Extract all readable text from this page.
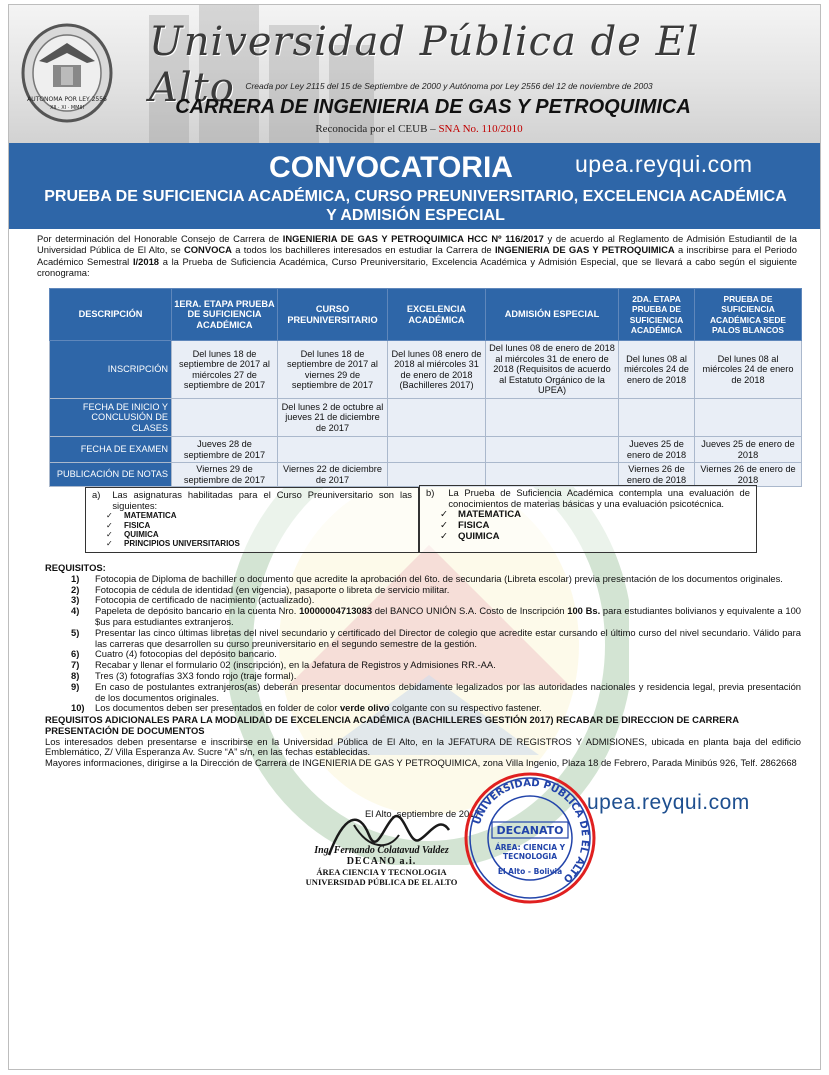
AUTONOMA POR LEY 2556
XII · XI · MMIII
Universidad Pública de El Alto	Creada por Ley 2115 del 15 de Septiembre de 2000 y Autónoma por Ley 2556 del 12 de noviembre de 2003
CARRERA DE INGENIERIA DE GAS Y PETROQUIMICA
Reconocida por el CEUB – SNA No. 110/2010
CONVOCATORIA	upea.reyqui.com
PRUEBA DE SUFICIENCIA ACADÉMICA, CURSO PREUNIVERSITARIO, EXCELENCIA ACADÉMICA Y ADMISIÓN ESPECIAL
Por determinación del Honorable Consejo de Carrera de INGENIERIA DE GAS Y PETROQUIMICA HCC Nº 116/2017 y de acuerdo al Reglamento de Admisión Estudiantil de la Universidad Pública de El Alto, se CONVOCA a todos los bachilleres interesados en estudiar la Carrera de INGENIERIA DE GAS Y PETROQUIMICA a inscribirse para el Periodo Académico Semestral I/2018 a la Prueba de Suficiencia Académica, Curso Preuniversitario, Excelencia Académica y Admisión Especial, que se llevará a cabo según el siguiente cronograma:
DESCRIPCIÓN	1ERA. ETAPA PRUEBA DE SUFICIENCIA ACADÉMICA	CURSO PREUNIVERSITARIO	EXCELENCIA ACADÉMICA	ADMISIÓN ESPECIAL	2DA. ETAPA PRUEBA DE SUFICIENCIA ACADÉMICA	PRUEBA DE SUFICIENCIA ACADÉMICA SEDE PALOS BLANCOS
INSCRIPCIÓN	Del lunes 18 de septiembre de 2017 al miércoles 27 de septiembre de 2017	Del lunes 18 de septiembre de 2017 al viernes 29 de septiembre de 2017	Del lunes 08 enero de 2018 al miércoles 31 de enero de 2018 (Bachilleres 2017)	Del lunes 08 de enero de 2018 al miércoles 31 de enero de 2018 (Requisitos de acuerdo al Estatuto Orgánico de la UPEA)	Del lunes 08 al miércoles 24 de enero de 2018	Del lunes 08 al miércoles 24 de enero de 2018
FECHA DE INICIO Y CONCLUSIÓN DE CLASES		Del lunes 2 de octubre al jueves 21 de diciembre de 2017				
FECHA DE EXAMEN	Jueves 28 de septiembre de 2017				Jueves 25 de enero de 2018	Jueves 25 de enero de 2018
PUBLICACIÓN DE NOTAS	Viernes 29 de septiembre de 2017	Viernes 22 de diciembre de 2017			Viernes 26 de enero de 2018	Viernes 26 de enero de 2018
a) Las asignaturas habilitadas para el Curso Preuniversitario son las siguientes:
✓ MATEMATICA
✓ FISICA
✓ QUIMICA
✓ PRINCIPIOS UNIVERSITARIOS
b) La Prueba de Suficiencia Académica contempla una evaluación de conocimientos de materias básicas y una evaluación psicotécnica.
✓ MATEMATICA
✓ FISICA
✓ QUIMICA
REQUISITOS:
1) Fotocopia de Diploma de bachiller o documento que acredite la aprobación del 6to. de secundaria (Libreta escolar) previa presentación de los documentos originales.
2) Fotocopia de cédula de identidad (en vigencia), pasaporte o libreta de servicio militar.
3) Fotocopia de certificado de nacimiento (actualizado).
4) Papeleta de depósito bancario en la cuenta Nro. 10000004713083 del BANCO UNIÓN S.A. Costo de Inscripción 100 Bs. para estudiantes bolivianos y equivalente a 100 $us para estudiantes extranjeros.
5) Presentar las cinco últimas libretas del nivel secundario y certificado del Director de colegio que acredite estar cursando el último curso del nivel secundario. Válido para las carreras que desarrollen su curso preuniversitario en el segundo semestre de la gestión.
6) Cuatro (4) fotocopias del depósito bancario.
7) Recabar y llenar el formulario 02 (inscripción), en la Jefatura de Registros y Admisiones RR.-AA.
8) Tres (3) fotografías 3X3 fondo rojo (traje formal).
9) En caso de postulantes extranjeros(as) deberán presentar documentos debidamente legalizados por las autoridades nacionales y residencia legal, previa presentación de los documentos originales.
10) Los documentos deben ser presentados en folder de color verde olivo colgante con su respectivo fastener.
REQUISITOS ADICIONALES PARA LA MODALIDAD DE EXCELENCIA ACADÉMICA (BACHILLERES GESTIÓN 2017) RECABAR DE DIRECCION DE CARRERA
PRESENTACIÓN DE DOCUMENTOS
Los interesados deben presentarse e inscribirse en la Universidad Pública de El Alto, en la JEFATURA DE REGISTROS Y ADMISIONES, ubicada en planta baja del edificio Emblemático, Z/ Villa Esperanza Av. Sucre “A” s/n, en las fechas establecidas.
Mayores informaciones, dirigirse a la Dirección de Carrera de INGENIERIA DE GAS Y PETROQUIMICA, zona Villa Ingenio, Plaza 18 de Febrero, Parada Minibús 926, Telf. 2862668
El Alto, septiembre de 2017
Ing. Fernando Colatavud Valdez
DECANO a.i.
ÁREA CIENCIA Y TECNOLOGIA
UNIVERSIDAD PÚBLICA DE EL ALTO
UNIVERSIDAD PÚBLICA DE EL ALTO
DECANATO
ÁREA: CIENCIA Y
TECNOLOGIA
El Alto - Bolivia
upea.reyqui.com
